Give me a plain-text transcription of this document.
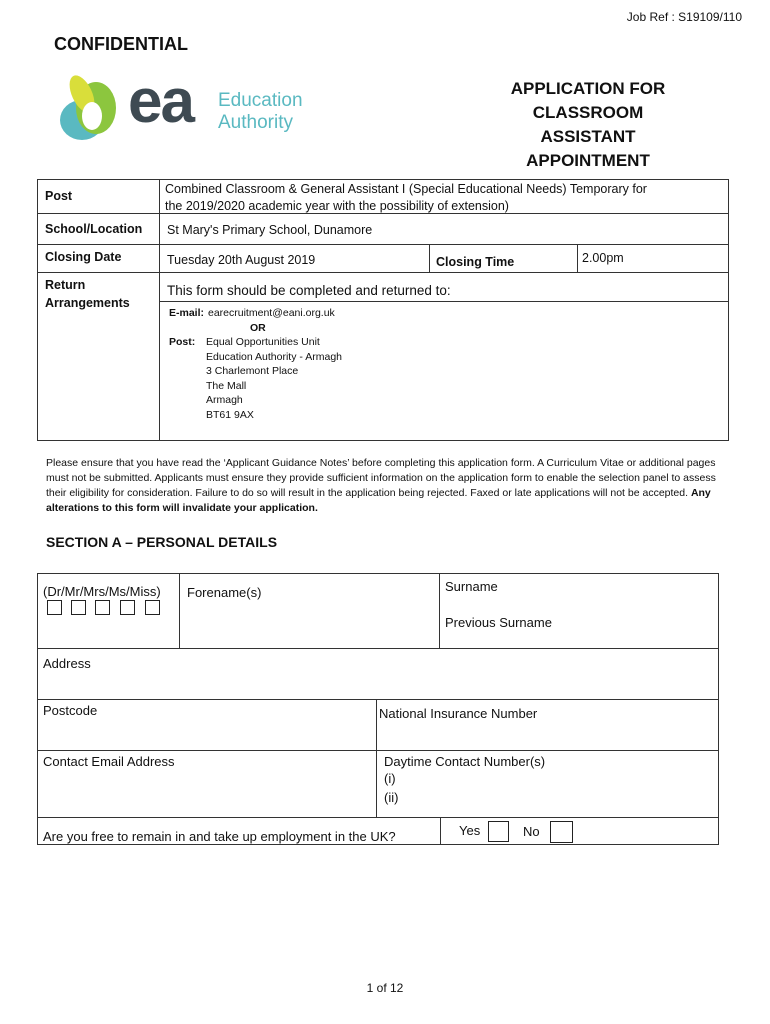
Job Ref : S19109/110
CONFIDENTIAL
ea Education
Authority
APPLICATION FOR
CLASSROOM
ASSISTANT
APPOINTMENT
Post	Combined Classroom & General Assistant I (Special Educational Needs) Temporary for
the 2019/2020 academic year with the possibility of extension)
School/Location St Mary's Primary School, Dunamore
Closing Date	Tuesday 20th August 2019	Closing Time	2.00pm
Return
Arrangements
This form should be completed and returned to:
E-mail: earecruitment@eani.org.uk
OR
Post: Equal Opportunities Unit
Education Authority - Armagh
3 Charlemont Place
The Mall
Armagh
BT61 9AX
Please ensure that you have read the ‘Applicant Guidance Notes’ before completing this application form. A Curriculum Vitae or additional pages must not be submitted. Applicants must ensure they provide sufficient information on the application form to enable the selection panel to assess their eligibility for consideration. Failure to do so will result in the application being rejected. Faxed or late applications will not be accepted. Any alterations to this form will invalidate your application.
SECTION A – PERSONAL DETAILS
(Dr/Mr/Mrs/Ms/Miss) Forename(s)	Surname
Previous Surname
Address
Postcode	National Insurance Number
Contact Email Address	Daytime Contact Number(s)
(i)
(ii)
Are you free to remain in and take up employment in the UK?	Yes	No
1 of 12
